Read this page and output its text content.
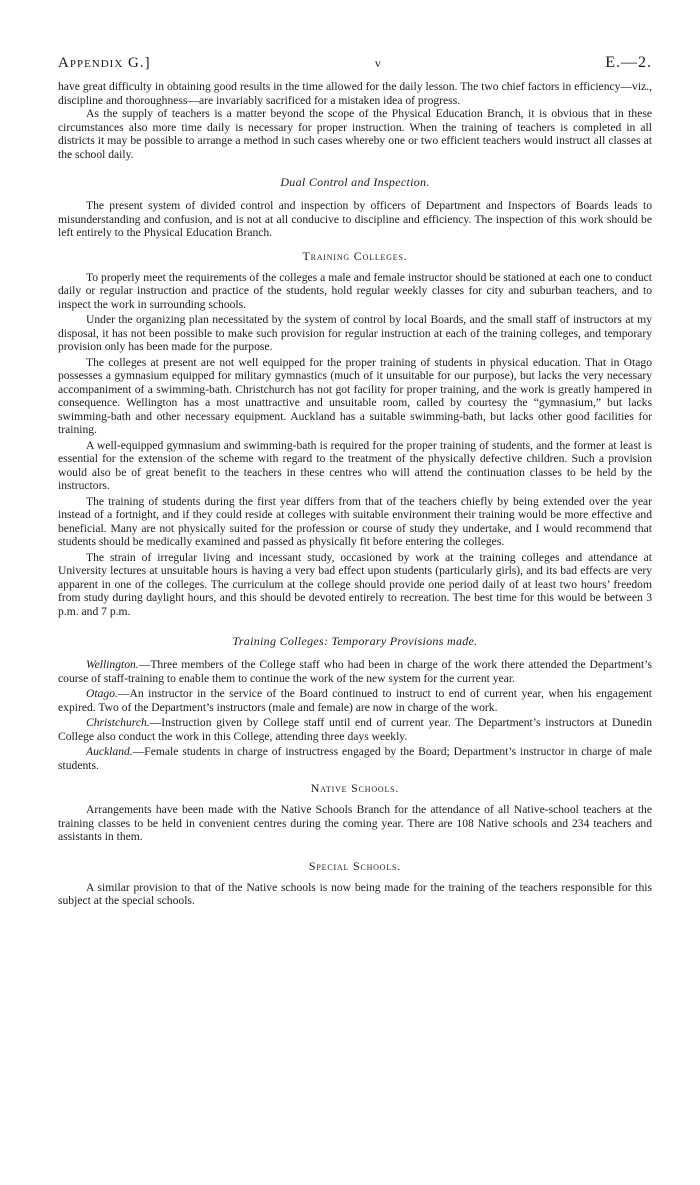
Appendix G.]	v	E.—2.

have great difficulty in obtaining good results in the time allowed for the daily lesson. The two chief factors in efficiency—viz., discipline and thoroughness—are invariably sacrificed for a mistaken idea of progress.

As the supply of teachers is a matter beyond the scope of the Physical Education Branch, it is obvious that in these circumstances also more time daily is necessary for proper instruction. When the training of teachers is completed in all districts it may be possible to arrange a method in such cases whereby one or two efficient teachers would instruct all classes at the school daily.

Dual Control and Inspection.

The present system of divided control and inspection by officers of Department and Inspectors of Boards leads to misunderstanding and confusion, and is not at all conducive to discipline and efficiency. The inspection of this work should be left entirely to the Physical Education Branch.

Training Colleges.

To properly meet the requirements of the colleges a male and female instructor should be stationed at each one to conduct daily or regular instruction and practice of the students, hold regular weekly classes for city and suburban teachers, and to inspect the work in surrounding schools.

Under the organizing plan necessitated by the system of control by local Boards, and the small staff of instructors at my disposal, it has not been possible to make such provision for regular instruction at each of the training colleges, and temporary provision only has been made for the purpose.

The colleges at present are not well equipped for the proper training of students in physical education. That in Otago possesses a gymnasium equipped for military gymnastics (much of it unsuitable for our purpose), but lacks the very necessary accompaniment of a swimming-bath. Christchurch has not got facility for proper training, and the work is greatly hampered in consequence. Wellington has a most unattractive and unsuitable room, called by courtesy the “gymnasium,” but lacks swimming-bath and other necessary equipment. Auckland has a suitable swimming-bath, but lacks other good facilities for training.

A well-equipped gymnasium and swimming-bath is required for the proper training of students, and the former at least is essential for the extension of the scheme with regard to the treatment of the physically defective children. Such a provision would also be of great benefit to the teachers in these centres who will attend the continuation classes to be held by the instructors.

The training of students during the first year differs from that of the teachers chiefly by being extended over the year instead of a fortnight, and if they could reside at colleges with suitable environment their training would be more effective and beneficial. Many are not physically suited for the profession or course of study they undertake, and I would recommend that students should be medically examined and passed as physically fit before entering the colleges.

The strain of irregular living and incessant study, occasioned by work at the training colleges and attendance at University lectures at unsuitable hours is having a very bad effect upon students (particularly girls), and its bad effects are very apparent in one of the colleges. The curriculum at the college should provide one period daily of at least two hours’ freedom from study during daylight hours, and this should be devoted entirely to recreation. The best time for this would be between 3 p.m. and 7 p.m.

Training Colleges: Temporary Provisions made.

Wellington.—Three members of the College staff who had been in charge of the work there attended the Department’s course of staff-training to enable them to continue the work of the new system for the current year.

Otago.—An instructor in the service of the Board continued to instruct to end of current year, when his engagement expired. Two of the Department’s instructors (male and female) are now in charge of the work.

Christchurch.—Instruction given by College staff until end of current year. The Department’s instructors at Dunedin College also conduct the work in this College, attending three days weekly.

Auckland.—Female students in charge of instructress engaged by the Board; Department’s instructor in charge of male students.

Native Schools.

Arrangements have been made with the Native Schools Branch for the attendance of all Native-school teachers at the training classes to be held in convenient centres during the coming year. There are 108 Native schools and 234 teachers and assistants in them.

Special Schools.

A similar provision to that of the Native schools is now being made for the training of the teachers responsible for this subject at the special schools.
